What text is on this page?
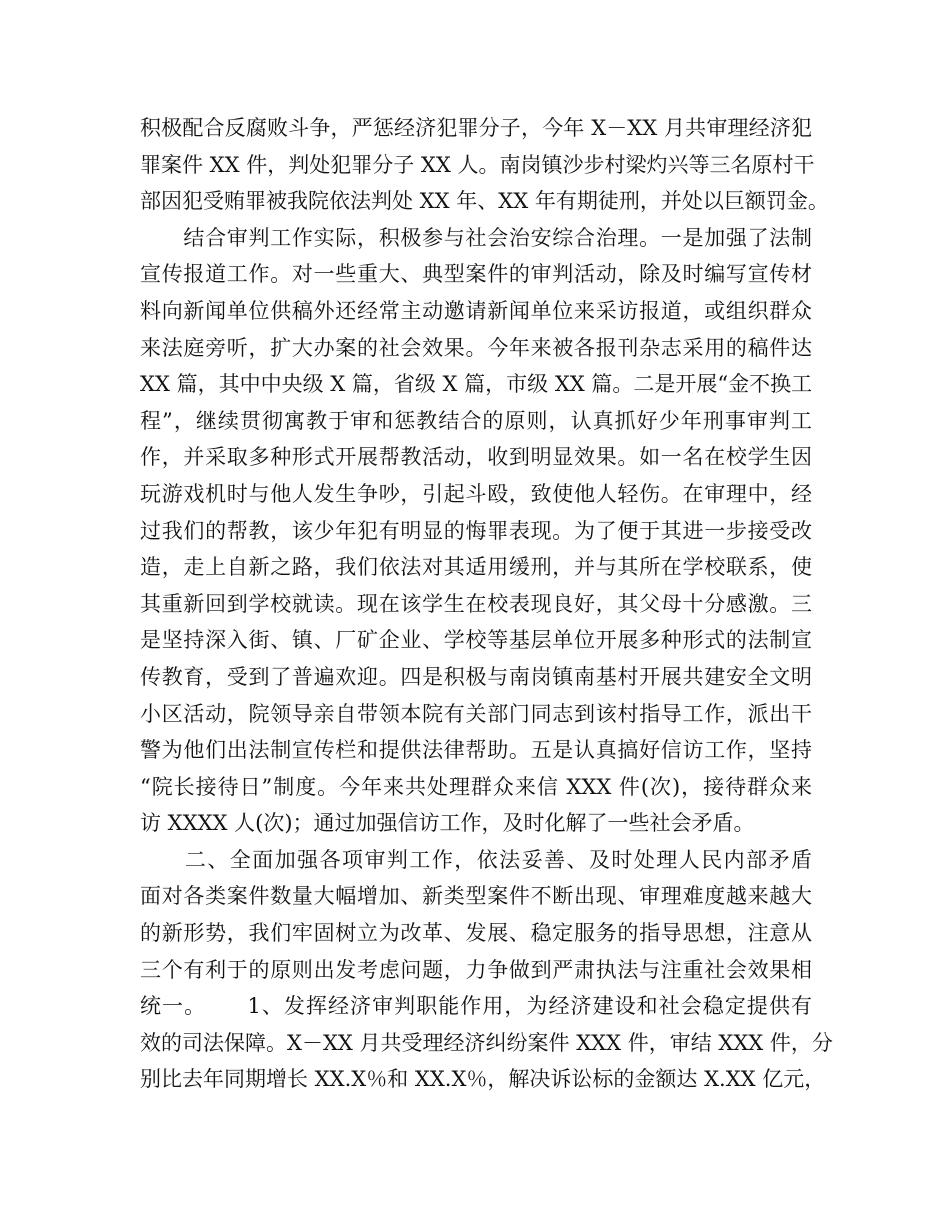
积极配合反腐败斗争，严惩经济犯罪分子，今年 X－XX 月共审理经济犯
罪案件 XX 件，判处犯罪分子 XX 人。南岗镇沙步村梁灼兴等三名原村干
部因犯受贿罪被我院依法判处 XX 年、XX 年有期徒刑，并处以巨额罚金。
　　结合审判工作实际，积极参与社会治安综合治理。一是加强了法制
宣传报道工作。对一些重大、典型案件的审判活动，除及时编写宣传材
料向新闻单位供稿外还经常主动邀请新闻单位来采访报道，或组织群众
来法庭旁听，扩大办案的社会效果。今年来被各报刊杂志采用的稿件达
XX 篇，其中中央级 X 篇，省级 X 篇，市级 XX 篇。二是开展“金不换工
程”，继续贯彻寓教于审和惩教结合的原则，认真抓好少年刑事审判工
作，并采取多种形式开展帮教活动，收到明显效果。如一名在校学生因
玩游戏机时与他人发生争吵，引起斗殴，致使他人轻伤。在审理中，经
过我们的帮教，该少年犯有明显的悔罪表现。为了便于其进一步接受改
造，走上自新之路，我们依法对其适用缓刑，并与其所在学校联系，使
其重新回到学校就读。现在该学生在校表现良好，其父母十分感激。三
是坚持深入街、镇、厂矿企业、学校等基层单位开展多种形式的法制宣
传教育，受到了普遍欢迎。四是积极与南岗镇南基村开展共建安全文明
小区活动，院领导亲自带领本院有关部门同志到该村指导工作，派出干
警为他们出法制宣传栏和提供法律帮助。五是认真搞好信访工作，坚持
“院长接待日”制度。今年来共处理群众来信 XXX 件(次)，接待群众来
访 XXXX 人(次)；通过加强信访工作，及时化解了一些社会矛盾。
　　二、全面加强各项审判工作，依法妥善、及时处理人民内部矛盾
面对各类案件数量大幅增加、新类型案件不断出现、审理难度越来越大
的新形势，我们牢固树立为改革、发展、稳定服务的指导思想，注意从
三个有利于的原则出发考虑问题，力争做到严肃执法与注重社会效果相
统一。　　 1、发挥经济审判职能作用，为经济建设和社会稳定提供有
效的司法保障。X－XX 月共受理经济纠纷案件 XXX 件，审结 XXX 件，分
别比去年同期增长 XX.X％和 XX.X％，解决诉讼标的金额达 X.XX 亿元，
